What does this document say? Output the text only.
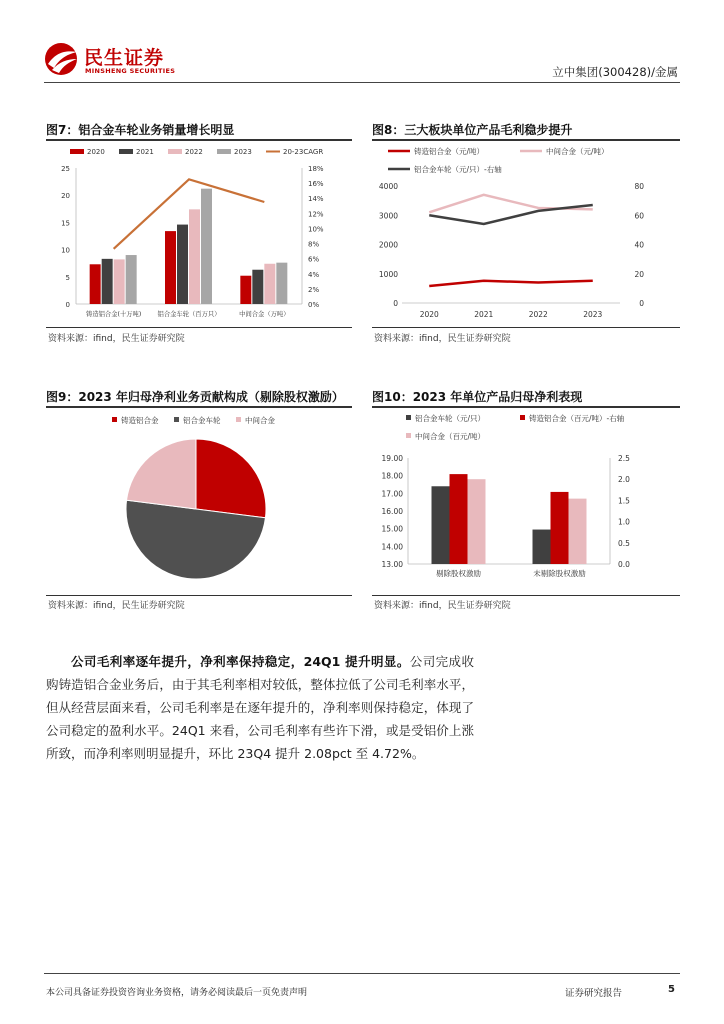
民生证券
MINSHENG SECURITIES	立中集团(300428)/金属
图7：铝合金车轮业务销量增长明显
2020	2021	2022	2023	20-23CAGR
0
5
10
15
20
25
0%
2%
4%
6%
8%
10%
12%
14%
16%
18%
铸造铝合金(十万吨)	铝合金车轮（百万只）	中间合金（万吨）
资料来源：ifind，民生证券研究院
图8：三大板块单位产品毛利稳步提升
铸造铝合金（元/吨）	中间合金（元/吨）
铝合金车轮（元/只）-右轴
0
1000
2000
3000
4000
0
20
40
60
80
2020	2021	2022	2023
资料来源：ifind，民生证券研究院
图9：2023 年归母净利业务贡献构成（剔除股权激励）
铸造铝合金	铝合金车轮	中间合金
资料来源：ifind，民生证券研究院
图10：2023 年单位产品归母净利表现
铝合金车轮（元/只）	铸造铝合金（百元/吨）-右轴
中间合金（百元/吨）
13.00
14.00
15.00
16.00
17.00
18.00
19.00
0.0
0.5
1.0
1.5
2.0
2.5
剔除股权激励	未剔除股权激励
资料来源：ifind，民生证券研究院
公司毛利率逐年提升，净利率保持稳定，24Q1 提升明显。公司完成收购铸造铝合金业务后，由于其毛利率相对较低，整体拉低了公司毛利率水平，但从经营层面来看，公司毛利率是在逐年提升的，净利率则保持稳定，体现了公司稳定的盈利水平。24Q1 来看，公司毛利率有些许下滑，或是受铝价上涨所致，而净利率则明显提升，环比 23Q4 提升 2.08pct 至 4.72%。
本公司具备证券投资咨询业务资格，请务必阅读最后一页免责声明	证券研究报告	5
